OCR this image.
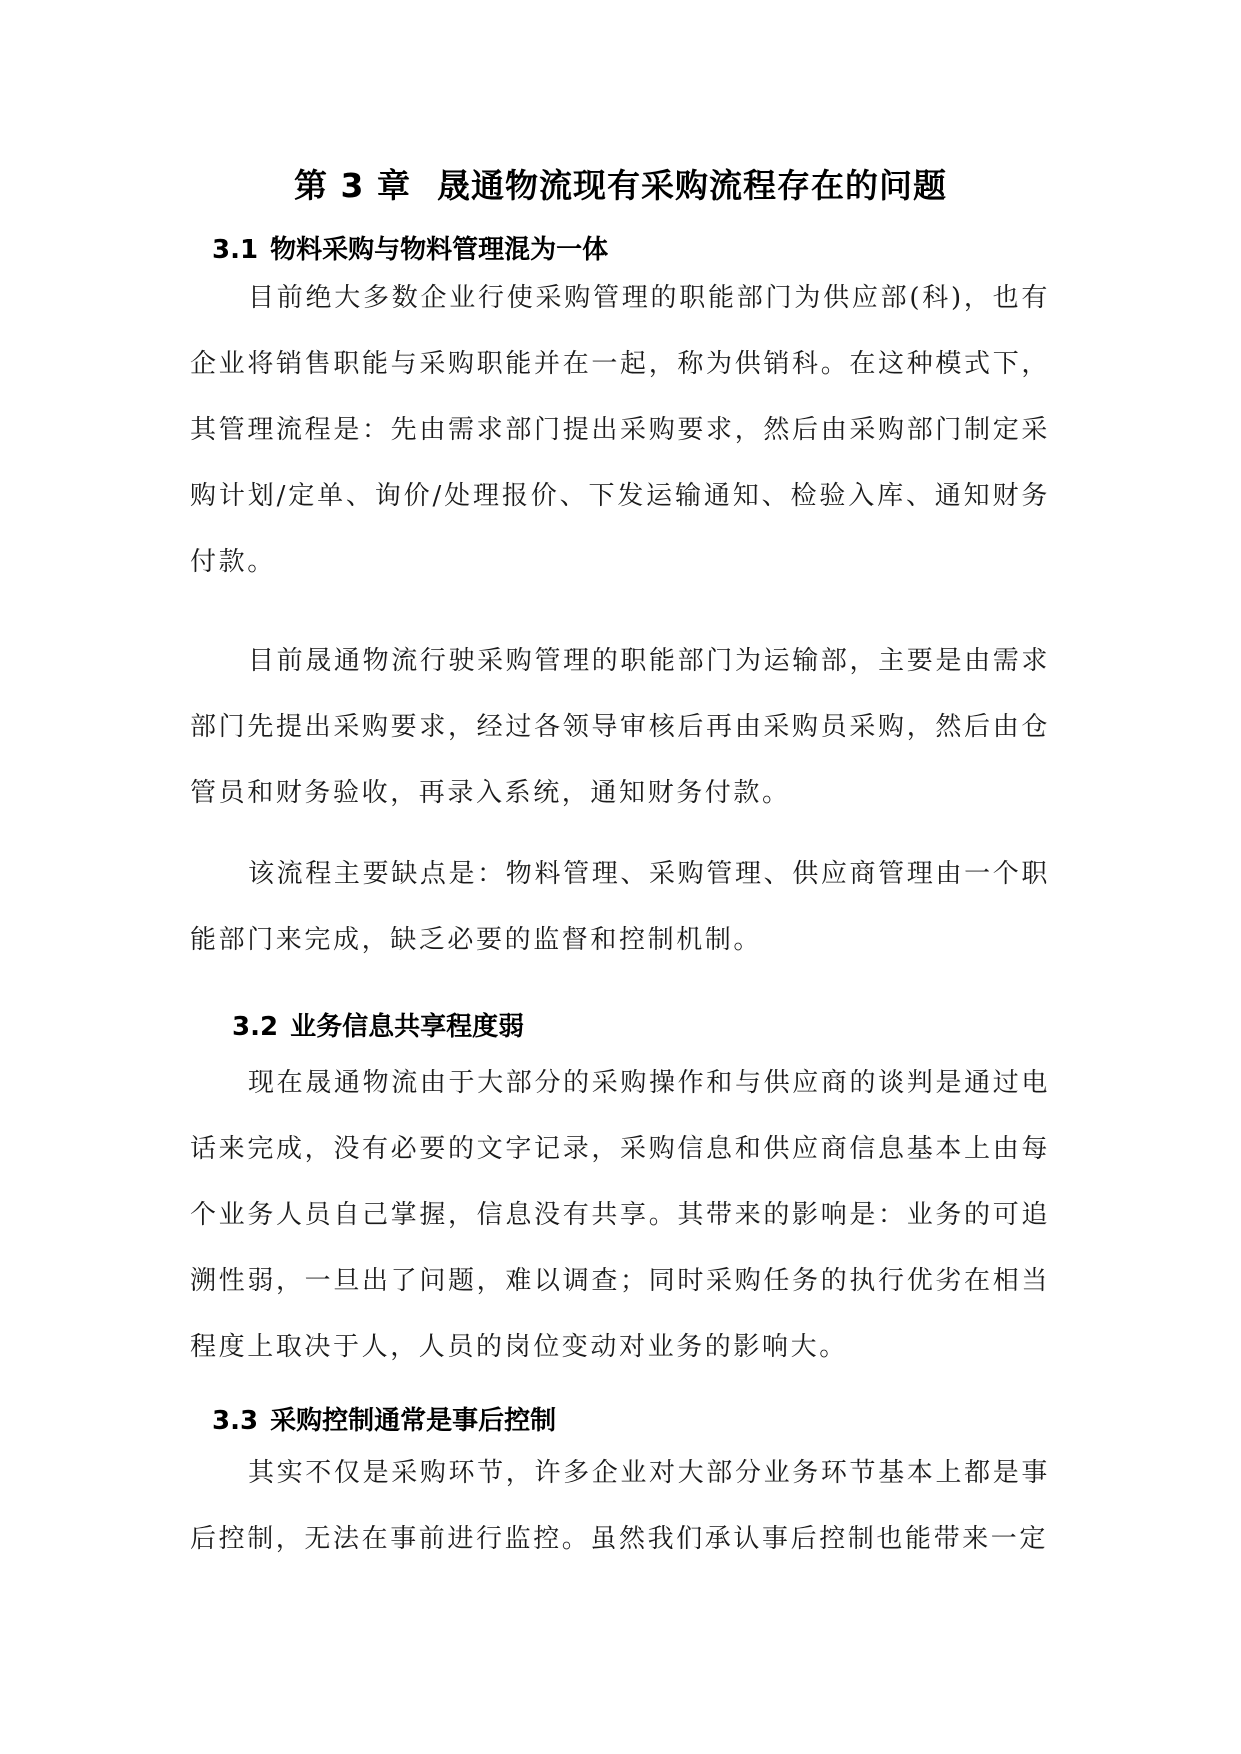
第 3 章 晟通物流现有采购流程存在的问题
3.1 物料采购与物料管理混为一体
目前绝大多数企业行使采购管理的职能部门为供应部(科)，也有企业将销售职能与采购职能并在一起，称为供销科。在这种模式下，其管理流程是：先由需求部门提出采购要求，然后由采购部门制定采购计划/定单、询价/处理报价、下发运输通知、检验入库、通知财务付款。
目前晟通物流行驶采购管理的职能部门为运输部，主要是由需求部门先提出采购要求，经过各领导审核后再由采购员采购，然后由仓管员和财务验收，再录入系统，通知财务付款。
该流程主要缺点是：物料管理、采购管理、供应商管理由一个职能部门来完成，缺乏必要的监督和控制机制。
3.2 业务信息共享程度弱
现在晟通物流由于大部分的采购操作和与供应商的谈判是通过电话来完成，没有必要的文字记录，采购信息和供应商信息基本上由每个业务人员自己掌握，信息没有共享。其带来的影响是：业务的可追溯性弱，一旦出了问题，难以调查；同时采购任务的执行优劣在相当程度上取决于人，人员的岗位变动对业务的影响大。
3.3 采购控制通常是事后控制
其实不仅是采购环节，许多企业对大部分业务环节基本上都是事后控制，无法在事前进行监控。虽然我们承认事后控制也能带来一定
